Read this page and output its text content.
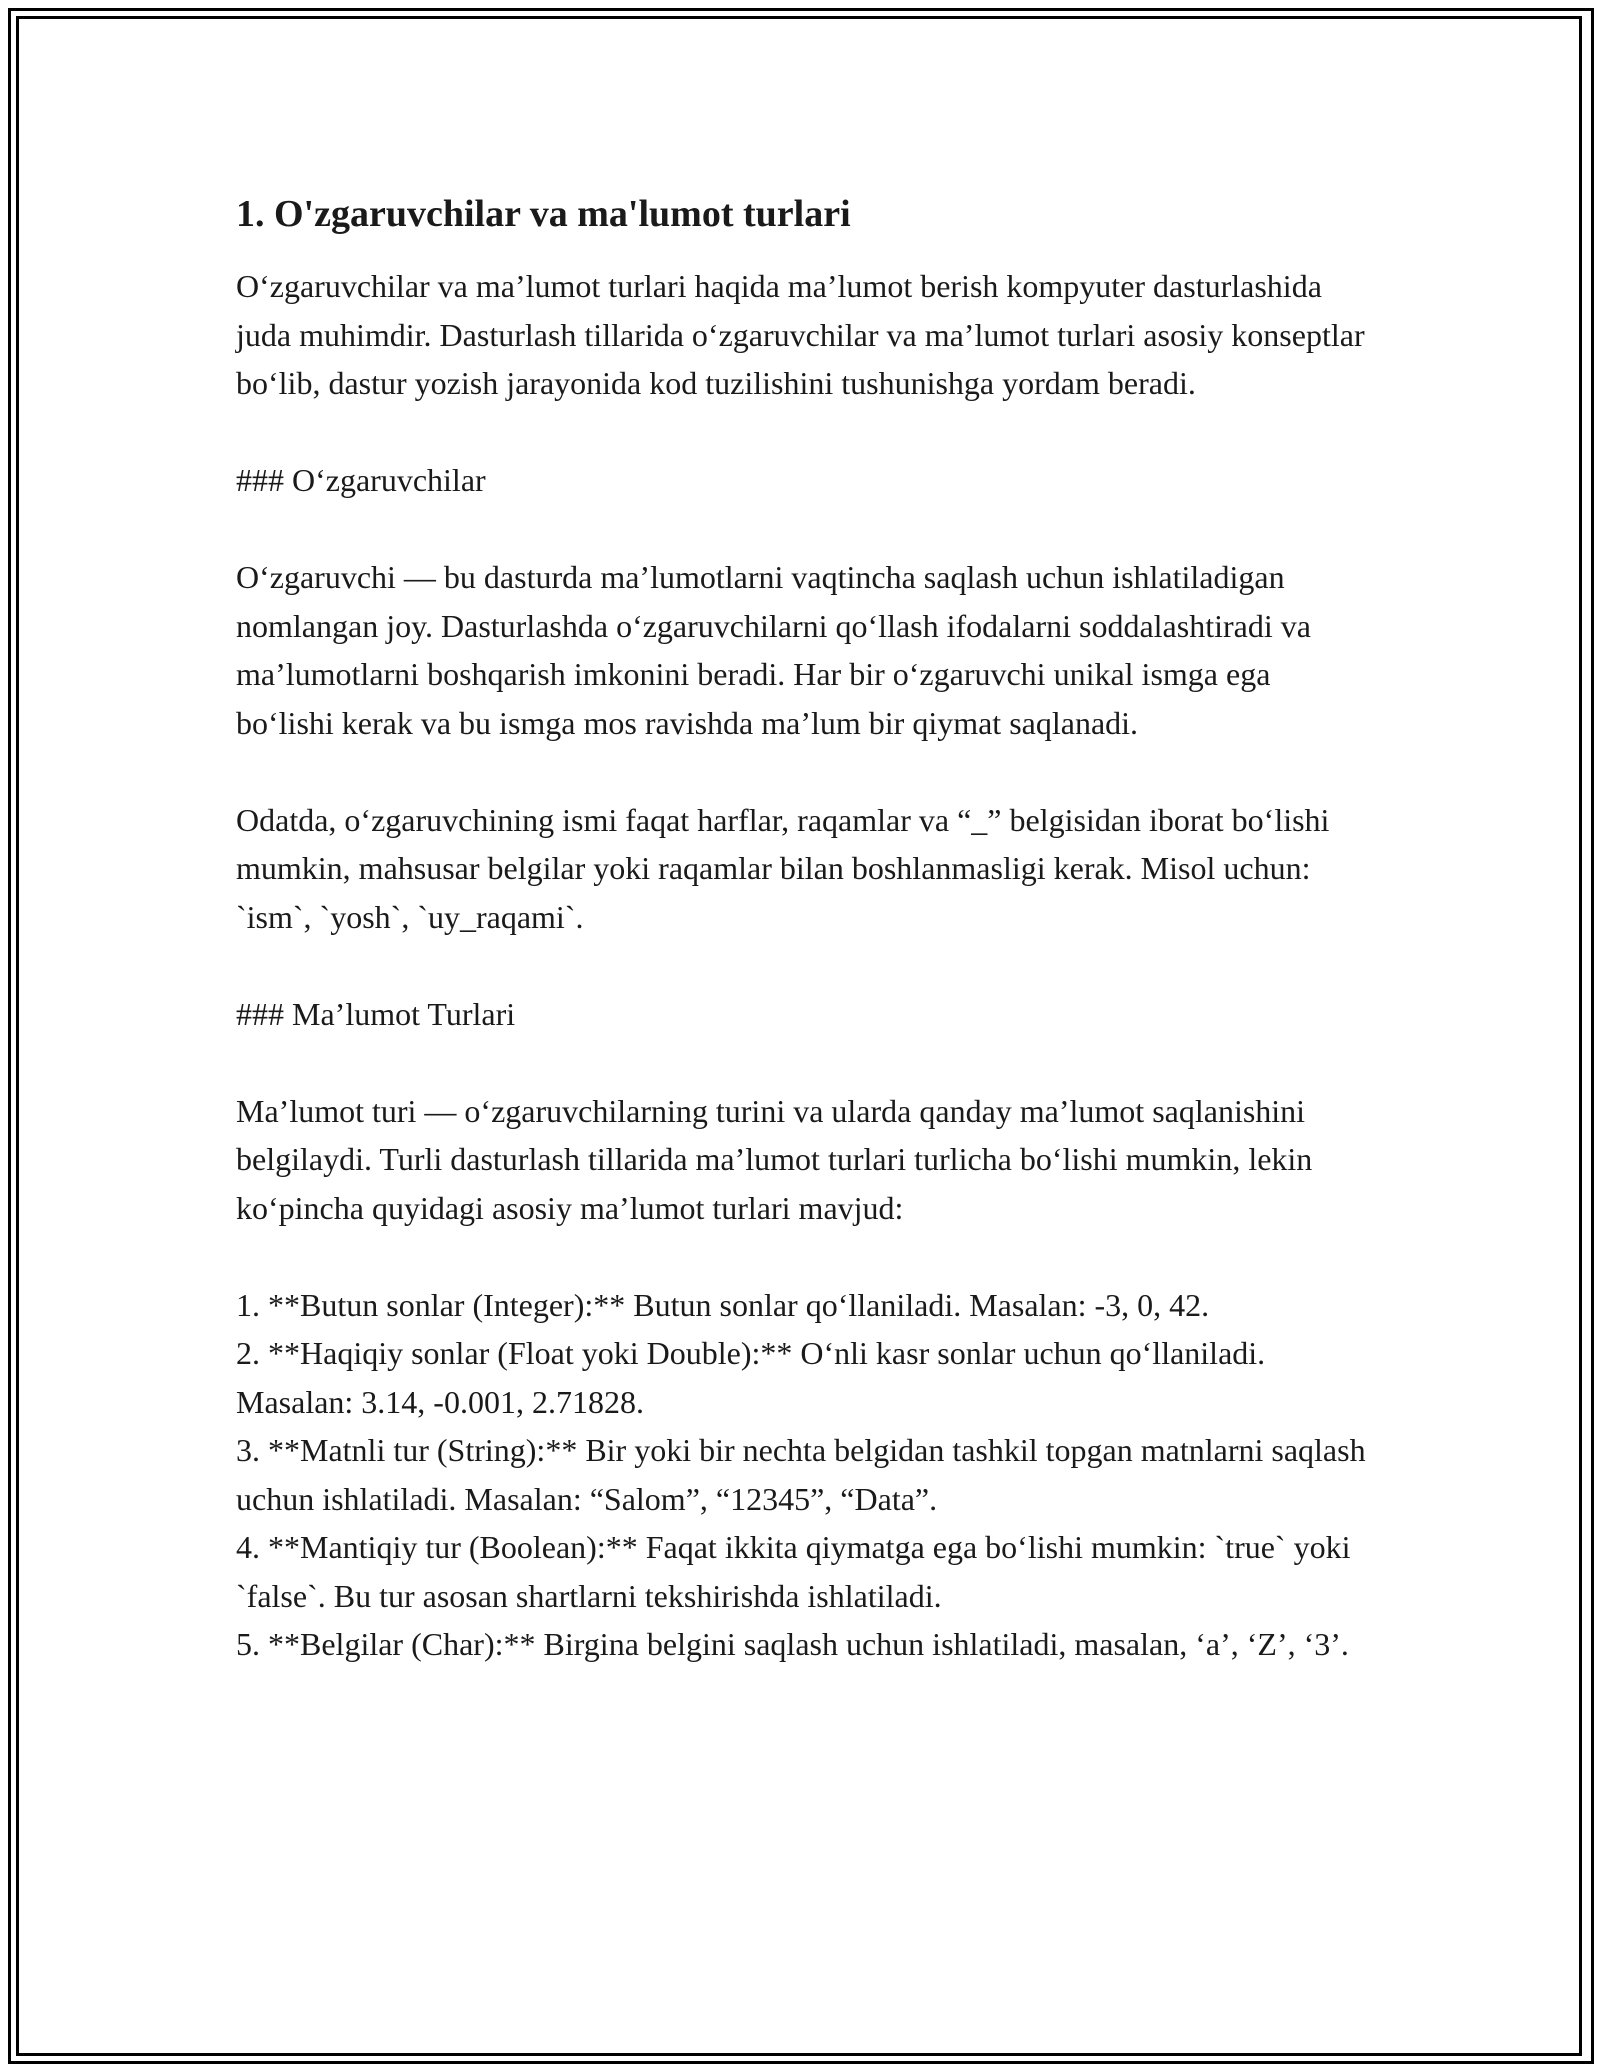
1. O'zgaruvchilar va ma'lumot turlari

O‘zgaruvchilar va ma’lumot turlari haqida ma’lumot berish kompyuter dasturlashida juda muhimdir. Dasturlash tillarida o‘zgaruvchilar va ma’lumot turlari asosiy konseptlar bo‘lib, dastur yozish jarayonida kod tuzilishini tushunishga yordam beradi.

### O‘zgaruvchilar

O‘zgaruvchi — bu dasturda ma’lumotlarni vaqtincha saqlash uchun ishlatiladigan nomlangan joy. Dasturlashda o‘zgaruvchilarni qo‘llash ifodalarni soddalashtiradi va ma’lumotlarni boshqarish imkonini beradi. Har bir o‘zgaruvchi unikal ismga ega bo‘lishi kerak va bu ismga mos ravishda ma’lum bir qiymat saqlanadi.

Odatda, o‘zgaruvchining ismi faqat harflar, raqamlar va “_” belgisidan iborat bo‘lishi mumkin, mahsusar belgilar yoki raqamlar bilan boshlanmasligi kerak. Misol uchun: `ism`, `yosh`, `uy_raqami`.

### Ma’lumot Turlari

Ma’lumot turi — o‘zgaruvchilarning turini va ularda qanday ma’lumot saqlanishini belgilaydi. Turli dasturlash tillarida ma’lumot turlari turlicha bo‘lishi mumkin, lekin ko‘pincha quyidagi asosiy ma’lumot turlari mavjud:

1. **Butun sonlar (Integer):** Butun sonlar qo‘llaniladi. Masalan: -3, 0, 42.
2. **Haqiqiy sonlar (Float yoki Double):** O‘nli kasr sonlar uchun qo‘llaniladi. Masalan: 3.14, -0.001, 2.71828.
3. **Matnli tur (String):** Bir yoki bir nechta belgidan tashkil topgan matnlarni saqlash uchun ishlatiladi. Masalan: “Salom”, “12345”, “Data”.
4. **Mantiqiy tur (Boolean):** Faqat ikkita qiymatga ega bo‘lishi mumkin: `true` yoki `false`. Bu tur asosan shartlarni tekshirishda ishlatiladi.
5. **Belgilar (Char):** Birgina belgini saqlash uchun ishlatiladi, masalan, ‘a’, ‘Z’, ‘3’.
